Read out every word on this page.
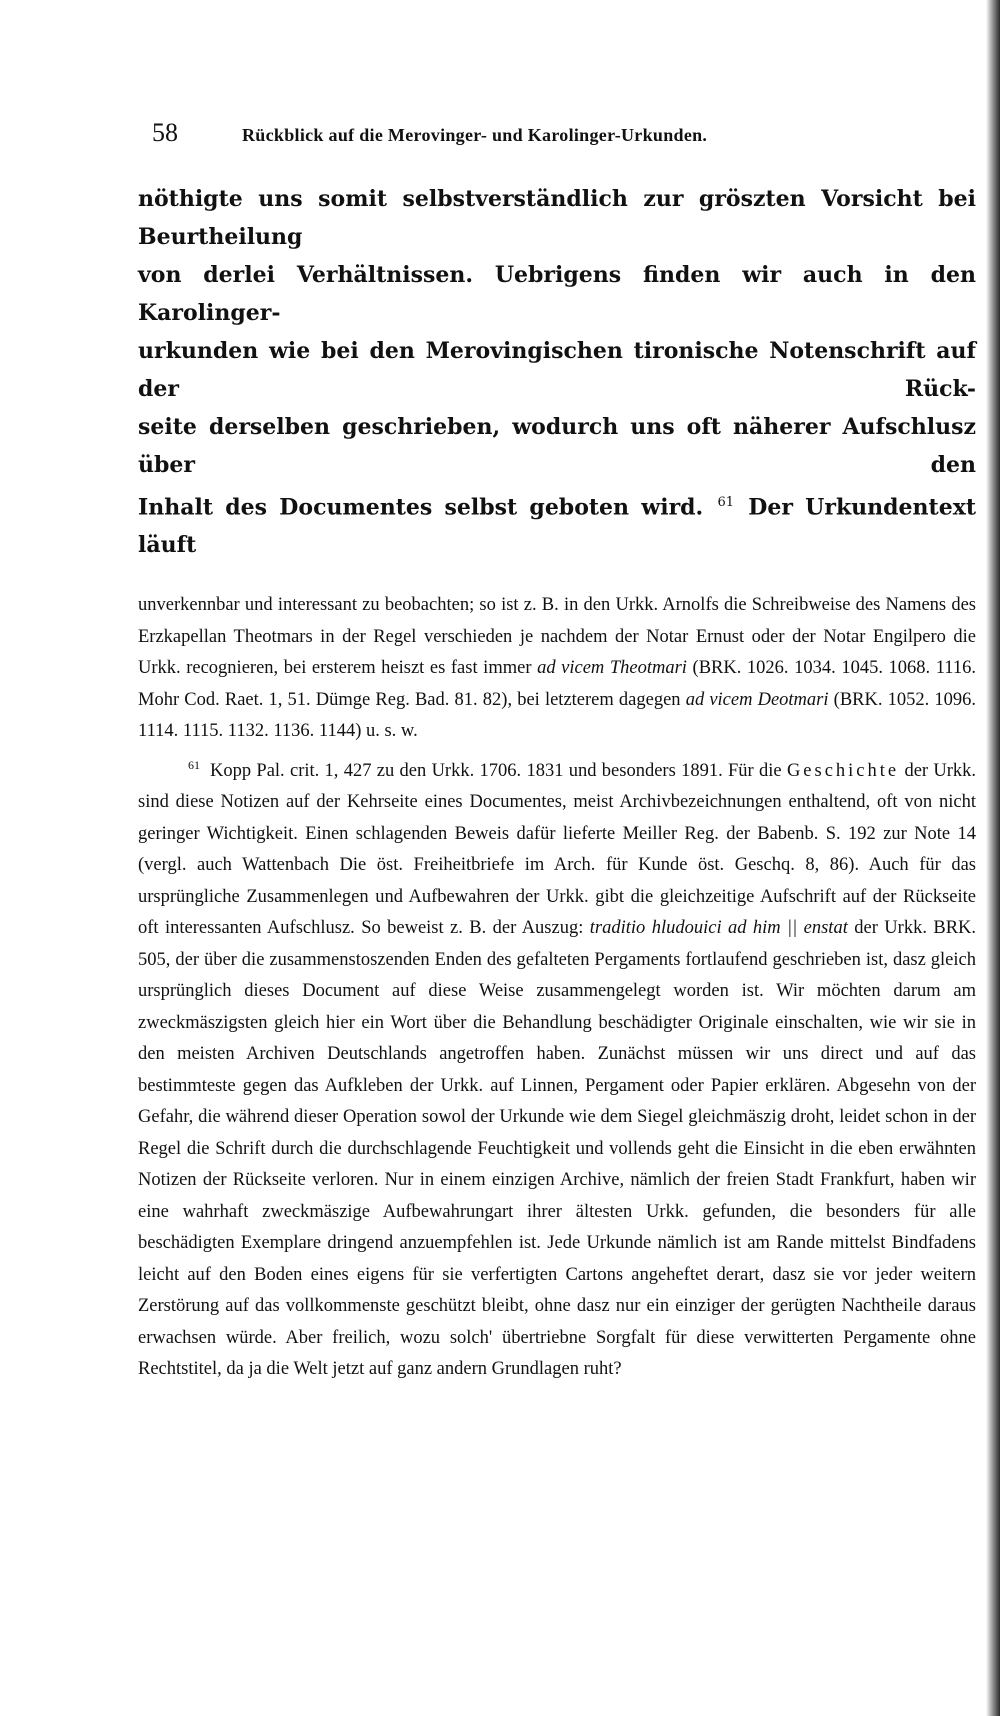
58	Rückblick auf die Merovinger- und Karolinger-Urkunden.
nöthigte uns somit selbstverständlich zur gröszten Vorsicht bei Beurtheilung
von derlei Verhältnissen. Uebrigens finden wir auch in den Karolinger-
urkunden wie bei den Merovingischen tironische Notenschrift auf der Rück-
seite derselben geschrieben, wodurch uns oft näherer Aufschlusz über den
Inhalt des Documentes selbst geboten wird. $^{61}$ Der Urkundentext läuft
unverkennbar und interessant zu beobachten; so ist z. B. in den Urkk. Arnolfs die Schreibweise des Namens des Erzkapellan Theotmars in der Regel verschieden je nachdem der Notar Ernust oder der Notar Engilpero die Urkk. recognieren, bei ersterem heiszt es fast immer ad vicem Theotmari (BRK. 1026. 1034. 1045. 1068. 1116. Mohr Cod. Raet. 1, 51. Dümge Reg. Bad. 81. 82), bei letzterem dagegen ad vicem Deotmari (BRK. 1052. 1096. 1114. 1115. 1132. 1136. 1144) u. s. w.
$^{61}$ Kopp Pal. crit. 1, 427 zu den Urkk. 1706. 1831 und besonders 1891. Für die Geschichte der Urkk. sind diese Notizen auf der Kehrseite eines Documentes, meist Archivbezeichnungen enthaltend, oft von nicht geringer Wichtigkeit. Einen schlagenden Beweis dafür lieferte Meiller Reg. der Babenb. S. 192 zur Note 14 (vergl. auch Wattenbach Die öst. Freiheitbriefe im Arch. für Kunde öst. Geschq. 8, 86). Auch für das ursprüngliche Zusammenlegen und Aufbewahren der Urkk. gibt die gleichzeitige Aufschrift auf der Rückseite oft interessanten Aufschlusz. So beweist z. B. der Auszug: traditio hludouici ad him || enstat der Urkk. BRK. 505, der über die zusammenstoszenden Enden des gefalteten Pergaments fortlaufend geschrieben ist, dasz gleich ursprünglich dieses Document auf diese Weise zusammengelegt worden ist. Wir möchten darum am zweckmäszigsten gleich hier ein Wort über die Behandlung beschädigter Originale einschalten, wie wir sie in den meisten Archiven Deutschlands angetroffen haben. Zunächst müssen wir uns direct und auf das bestimmteste gegen das Aufkleben der Urkk. auf Linnen, Pergament oder Papier erklären. Abgesehn von der Gefahr, die während dieser Operation sowol der Urkunde wie dem Siegel gleichmäszig droht, leidet schon in der Regel die Schrift durch die durchschlagende Feuchtigkeit und vollends geht die Einsicht in die eben erwähnten Notizen der Rückseite verloren. Nur in einem einzigen Archive, nämlich der freien Stadt Frankfurt, haben wir eine wahrhaft zweckmäszige Aufbewahrungart ihrer ältesten Urkk. gefunden, die besonders für alle beschädigten Exemplare dringend anzuempfehlen ist. Jede Urkunde nämlich ist am Rande mittelst Bindfadens leicht auf den Boden eines eigens für sie verfertigten Cartons angeheftet derart, dasz sie vor jeder weitern Zerstörung auf das vollkommenste geschützt bleibt, ohne dasz nur ein einziger der gerügten Nachtheile daraus erwachsen würde. Aber freilich, wozu solch' übertriebne Sorgfalt für diese verwitterten Pergamente ohne Rechtstitel, da ja die Welt jetzt auf ganz andern Grundlagen ruht?
